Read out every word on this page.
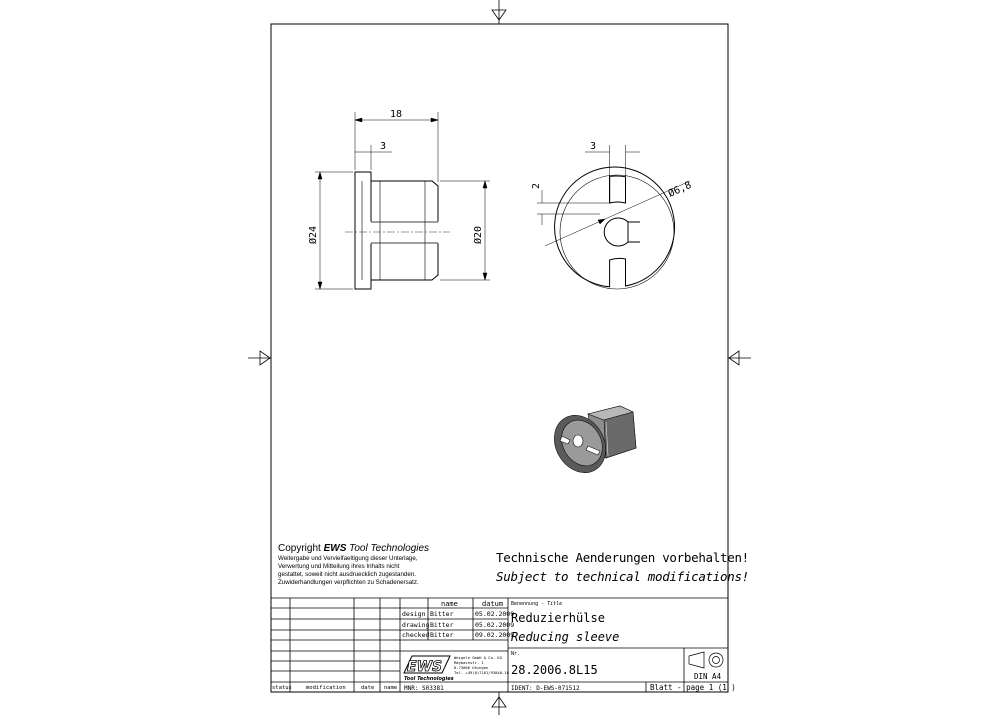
18
3
Ø24	Ø20
3
2	Ø6,8
name	datum
design Bitter	05.02.2009
drawing Bitter	05.02.2009
checked Bitter	09.02.2009
Benennung - Title
Reduzierhülse
Reducing sleeve
Nr.
28.2006.8L15	DIN A4
EWS
Tool Technologies
Weigele GmbH & Co. KG
Maybachstr. 1
D-73066 Uhingen
Tel. +49(0)7161/93040-10
MNR: S03381	IDENT: D-EWS-071512	Blatt - page 1 (1 )
status	modification	date name
Copyright EWS Tool Technologies
Weitergabe und Vervielfaeltigung dieser Unterlage,
Verwertung und Mitteilung ihres Inhalts nicht
gestattet, soweit nicht ausdruecklich zugestanden.
Zuwiderhandlungen verpflichten zu Schadenersatz.
Technische Aenderungen vorbehalten!
Subject to technical modifications!
